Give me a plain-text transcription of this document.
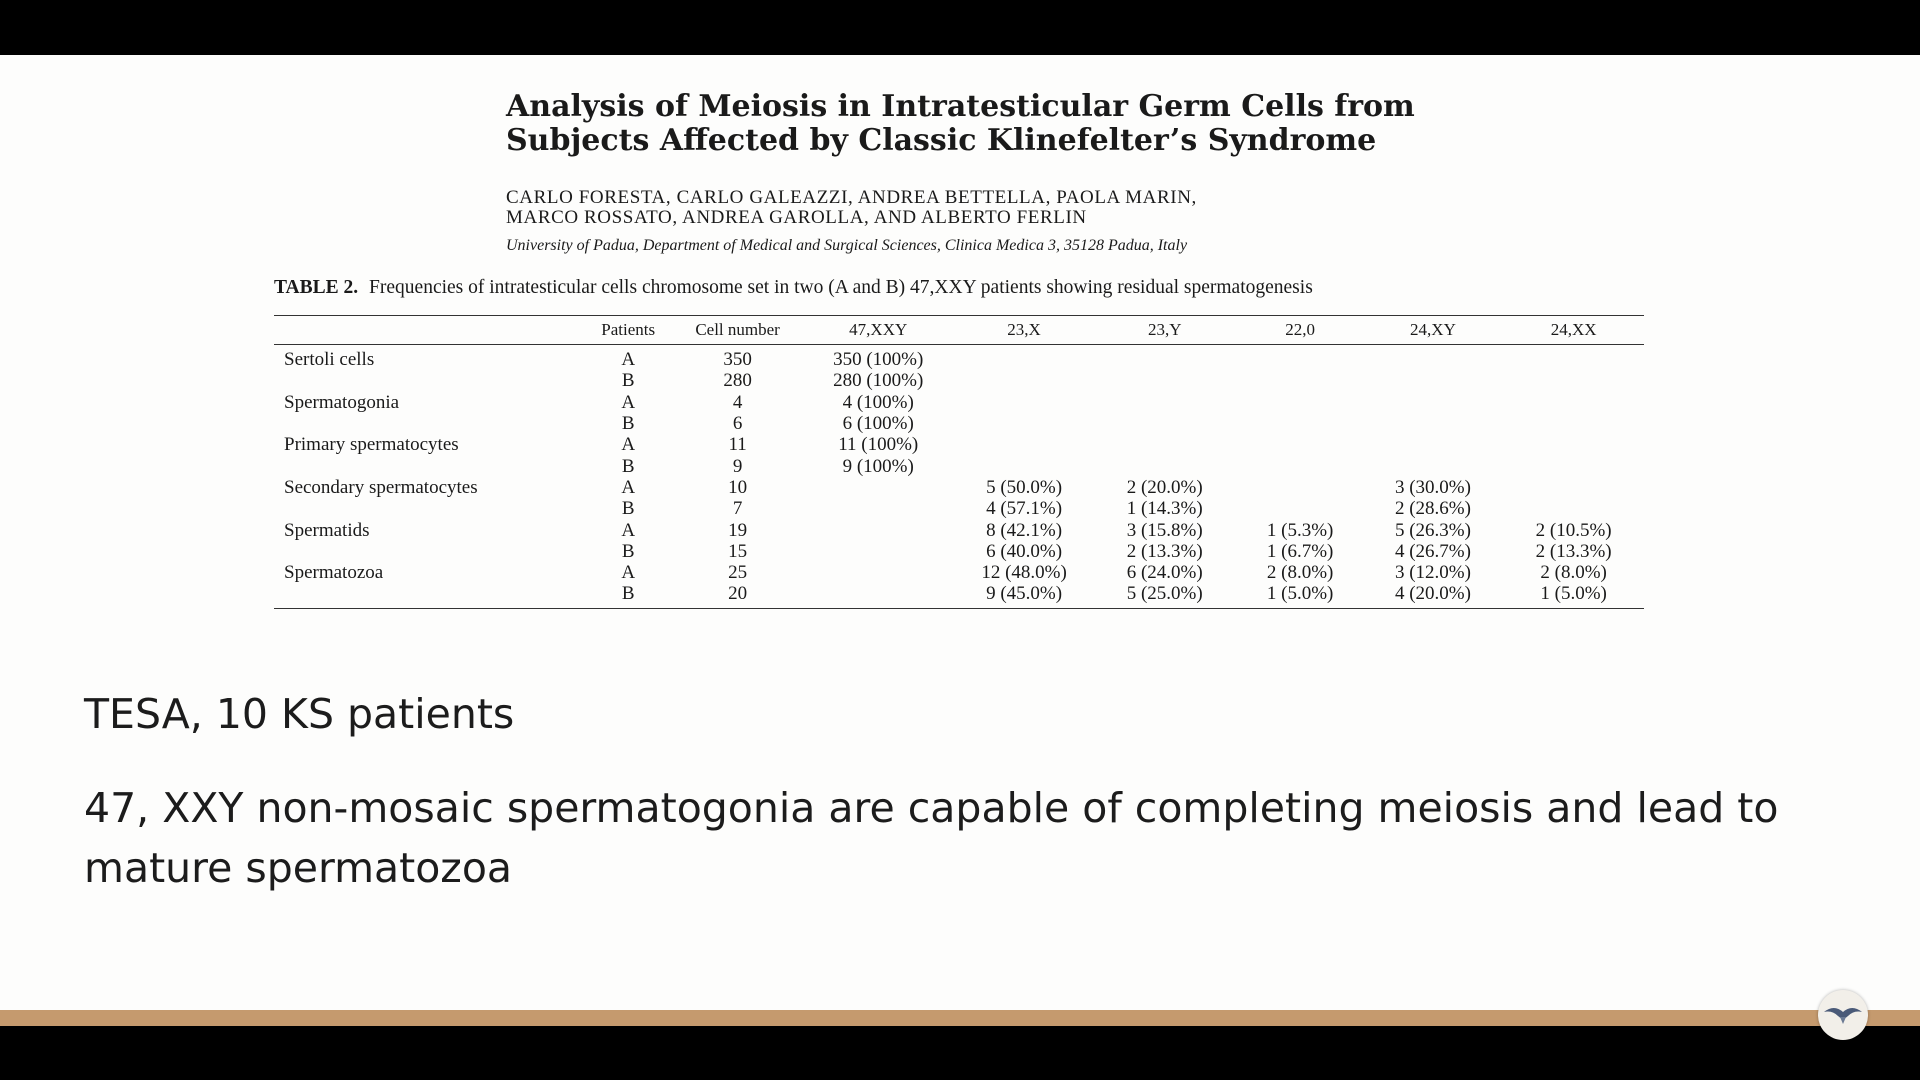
Analysis of Meiosis in Intratesticular Germ Cells from
Subjects Affected by Classic Klinefelter’s Syndrome
CARLO FORESTA, CARLO GALEAZZI, ANDREA BETTELLA, PAOLA MARIN,
MARCO ROSSATO, ANDREA GAROLLA, AND ALBERTO FERLIN
University of Padua, Department of Medical and Surgical Sciences, Clinica Medica 3, 35128 Padua, Italy
TABLE 2. Frequencies of intratesticular cells chromosome set in two (A and B) 47,XXY patients showing residual spermatogenesis
	Patients	Cell number	47,XXY	23,X	23,Y	22,0	24,XY	24,XX
Sertoli cells	A	350	350 (100%)					
	B	280	280 (100%)					
Spermatogonia	A	4	4 (100%)					
	B	6	6 (100%)					
Primary spermatocytes	A	11	11 (100%)					
	B	9	9 (100%)					
Secondary spermatocytes	A	10		5 (50.0%)	2 (20.0%)		3 (30.0%)	
	B	7		4 (57.1%)	1 (14.3%)		2 (28.6%)	
Spermatids	A	19		8 (42.1%)	3 (15.8%)	1 (5.3%)	5 (26.3%)	2 (10.5%)
	B	15		6 (40.0%)	2 (13.3%)	1 (6.7%)	4 (26.7%)	2 (13.3%)
Spermatozoa	A	25		12 (48.0%)	6 (24.0%)	2 (8.0%)	3 (12.0%)	2 (8.0%)
	B	20		9 (45.0%)	5 (25.0%)	1 (5.0%)	4 (20.0%)	1 (5.0%)
TESA, 10 KS patients
47, XXY non-mosaic spermatogonia are capable of completing meiosis and lead to mature spermatozoa
